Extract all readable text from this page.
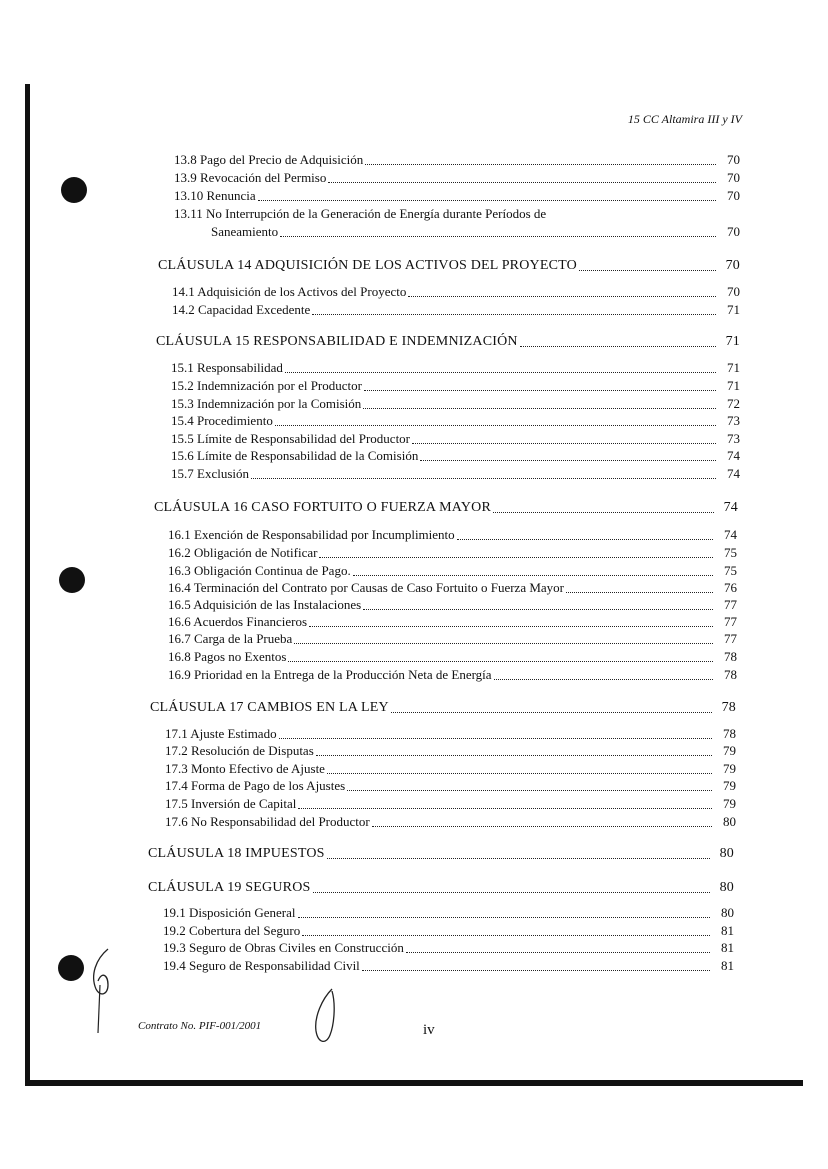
15 CC Altamira III y IV
13.8 Pago del Precio de Adquisición	70
13.9 Revocación del Permiso	70
13.10 Renuncia	70
13.11 No Interrupción de la Generación de Energía durante Períodos de
Saneamiento	70
CLÁUSULA 14 ADQUISICIÓN DE LOS ACTIVOS DEL PROYECTO	70
14.1 Adquisición de los Activos del Proyecto	70
14.2 Capacidad Excedente	71
CLÁUSULA 15 RESPONSABILIDAD E INDEMNIZACIÓN	71
15.1 Responsabilidad	71
15.2 Indemnización por el Productor	71
15.3 Indemnización por la Comisión	72
15.4 Procedimiento	73
15.5 Límite de Responsabilidad del Productor	73
15.6 Límite de Responsabilidad de la Comisión	74
15.7 Exclusión	74
CLÁUSULA 16 CASO FORTUITO O FUERZA MAYOR	74
16.1 Exención de Responsabilidad por Incumplimiento	74
16.2 Obligación de Notificar	75
16.3 Obligación Continua de Pago.	75
16.4 Terminación del Contrato por Causas de Caso Fortuito o Fuerza Mayor	76
16.5 Adquisición de las Instalaciones	77
16.6 Acuerdos Financieros	77
16.7 Carga de la Prueba	77
16.8 Pagos no Exentos	78
16.9 Prioridad en la Entrega de la Producción Neta de Energía	78
CLÁUSULA 17 CAMBIOS EN LA LEY	78
17.1 Ajuste Estimado	78
17.2 Resolución de Disputas	79
17.3 Monto Efectivo de Ajuste	79
17.4 Forma de Pago de los Ajustes	79
17.5 Inversión de Capital	79
17.6 No Responsabilidad del Productor	80
CLÁUSULA 18 IMPUESTOS	80
CLÁUSULA 19 SEGUROS	80
19.1 Disposición General	80
19.2 Cobertura del Seguro	81
19.3 Seguro de Obras Civiles en Construcción	81
19.4 Seguro de Responsabilidad Civil	81
Contrato No. PIF-001/2001	iv
